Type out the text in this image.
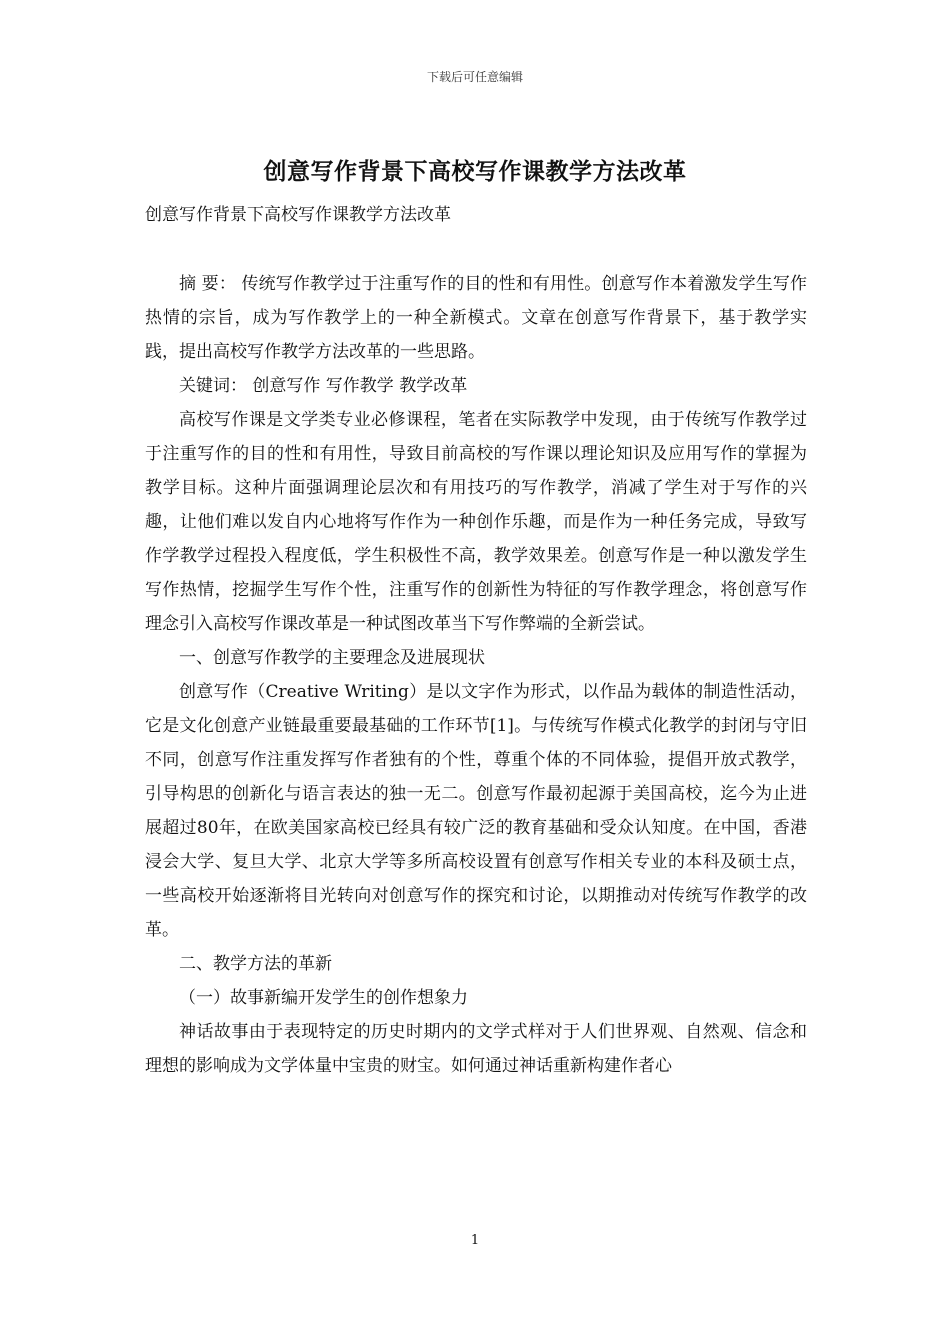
下载后可任意编辑
创意写作背景下高校写作课教学方法改革
创意写作背景下高校写作课教学方法改革

摘 要： 传统写作教学过于注重写作的目的性和有用性。创意写作本着激发学生写作热情的宗旨，成为写作教学上的一种全新模式。文章在创意写作背景下，基于教学实践，提出高校写作教学方法改革的一些思路。

关键词： 创意写作 写作教学 教学改革

高校写作课是文学类专业必修课程，笔者在实际教学中发现，由于传统写作教学过于注重写作的目的性和有用性，导致目前高校的写作课以理论知识及应用写作的掌握为教学目标。这种片面强调理论层次和有用技巧的写作教学，消减了学生对于写作的兴趣，让他们难以发自内心地将写作作为一种创作乐趣，而是作为一种任务完成，导致写作学教学过程投入程度低，学生积极性不高，教学效果差。创意写作是一种以激发学生写作热情，挖掘学生写作个性，注重写作的创新性为特征的写作教学理念，将创意写作理念引入高校写作课改革是一种试图改革当下写作弊端的全新尝试。

一、创意写作教学的主要理念及进展现状

创意写作（Creative Writing）是以文字作为形式，以作品为载体的制造性活动，它是文化创意产业链最重要最基础的工作环节[1]。与传统写作模式化教学的封闭与守旧不同，创意写作注重发挥写作者独有的个性，尊重个体的不同体验，提倡开放式教学，引导构思的创新化与语言表达的独一无二。创意写作最初起源于美国高校，迄今为止进展超过80年，在欧美国家高校已经具有较广泛的教育基础和受众认知度。在中国，香港浸会大学、复旦大学、北京大学等多所高校设置有创意写作相关专业的本科及硕士点，一些高校开始逐渐将目光转向对创意写作的探究和讨论，以期推动对传统写作教学的改革。

二、教学方法的革新

（一）故事新编开发学生的创作想象力

神话故事由于表现特定的历史时期内的文学式样对于人们世界观、自然观、信念和理想的影响成为文学体量中宝贵的财宝。如何通过神话重新构建作者心

1
